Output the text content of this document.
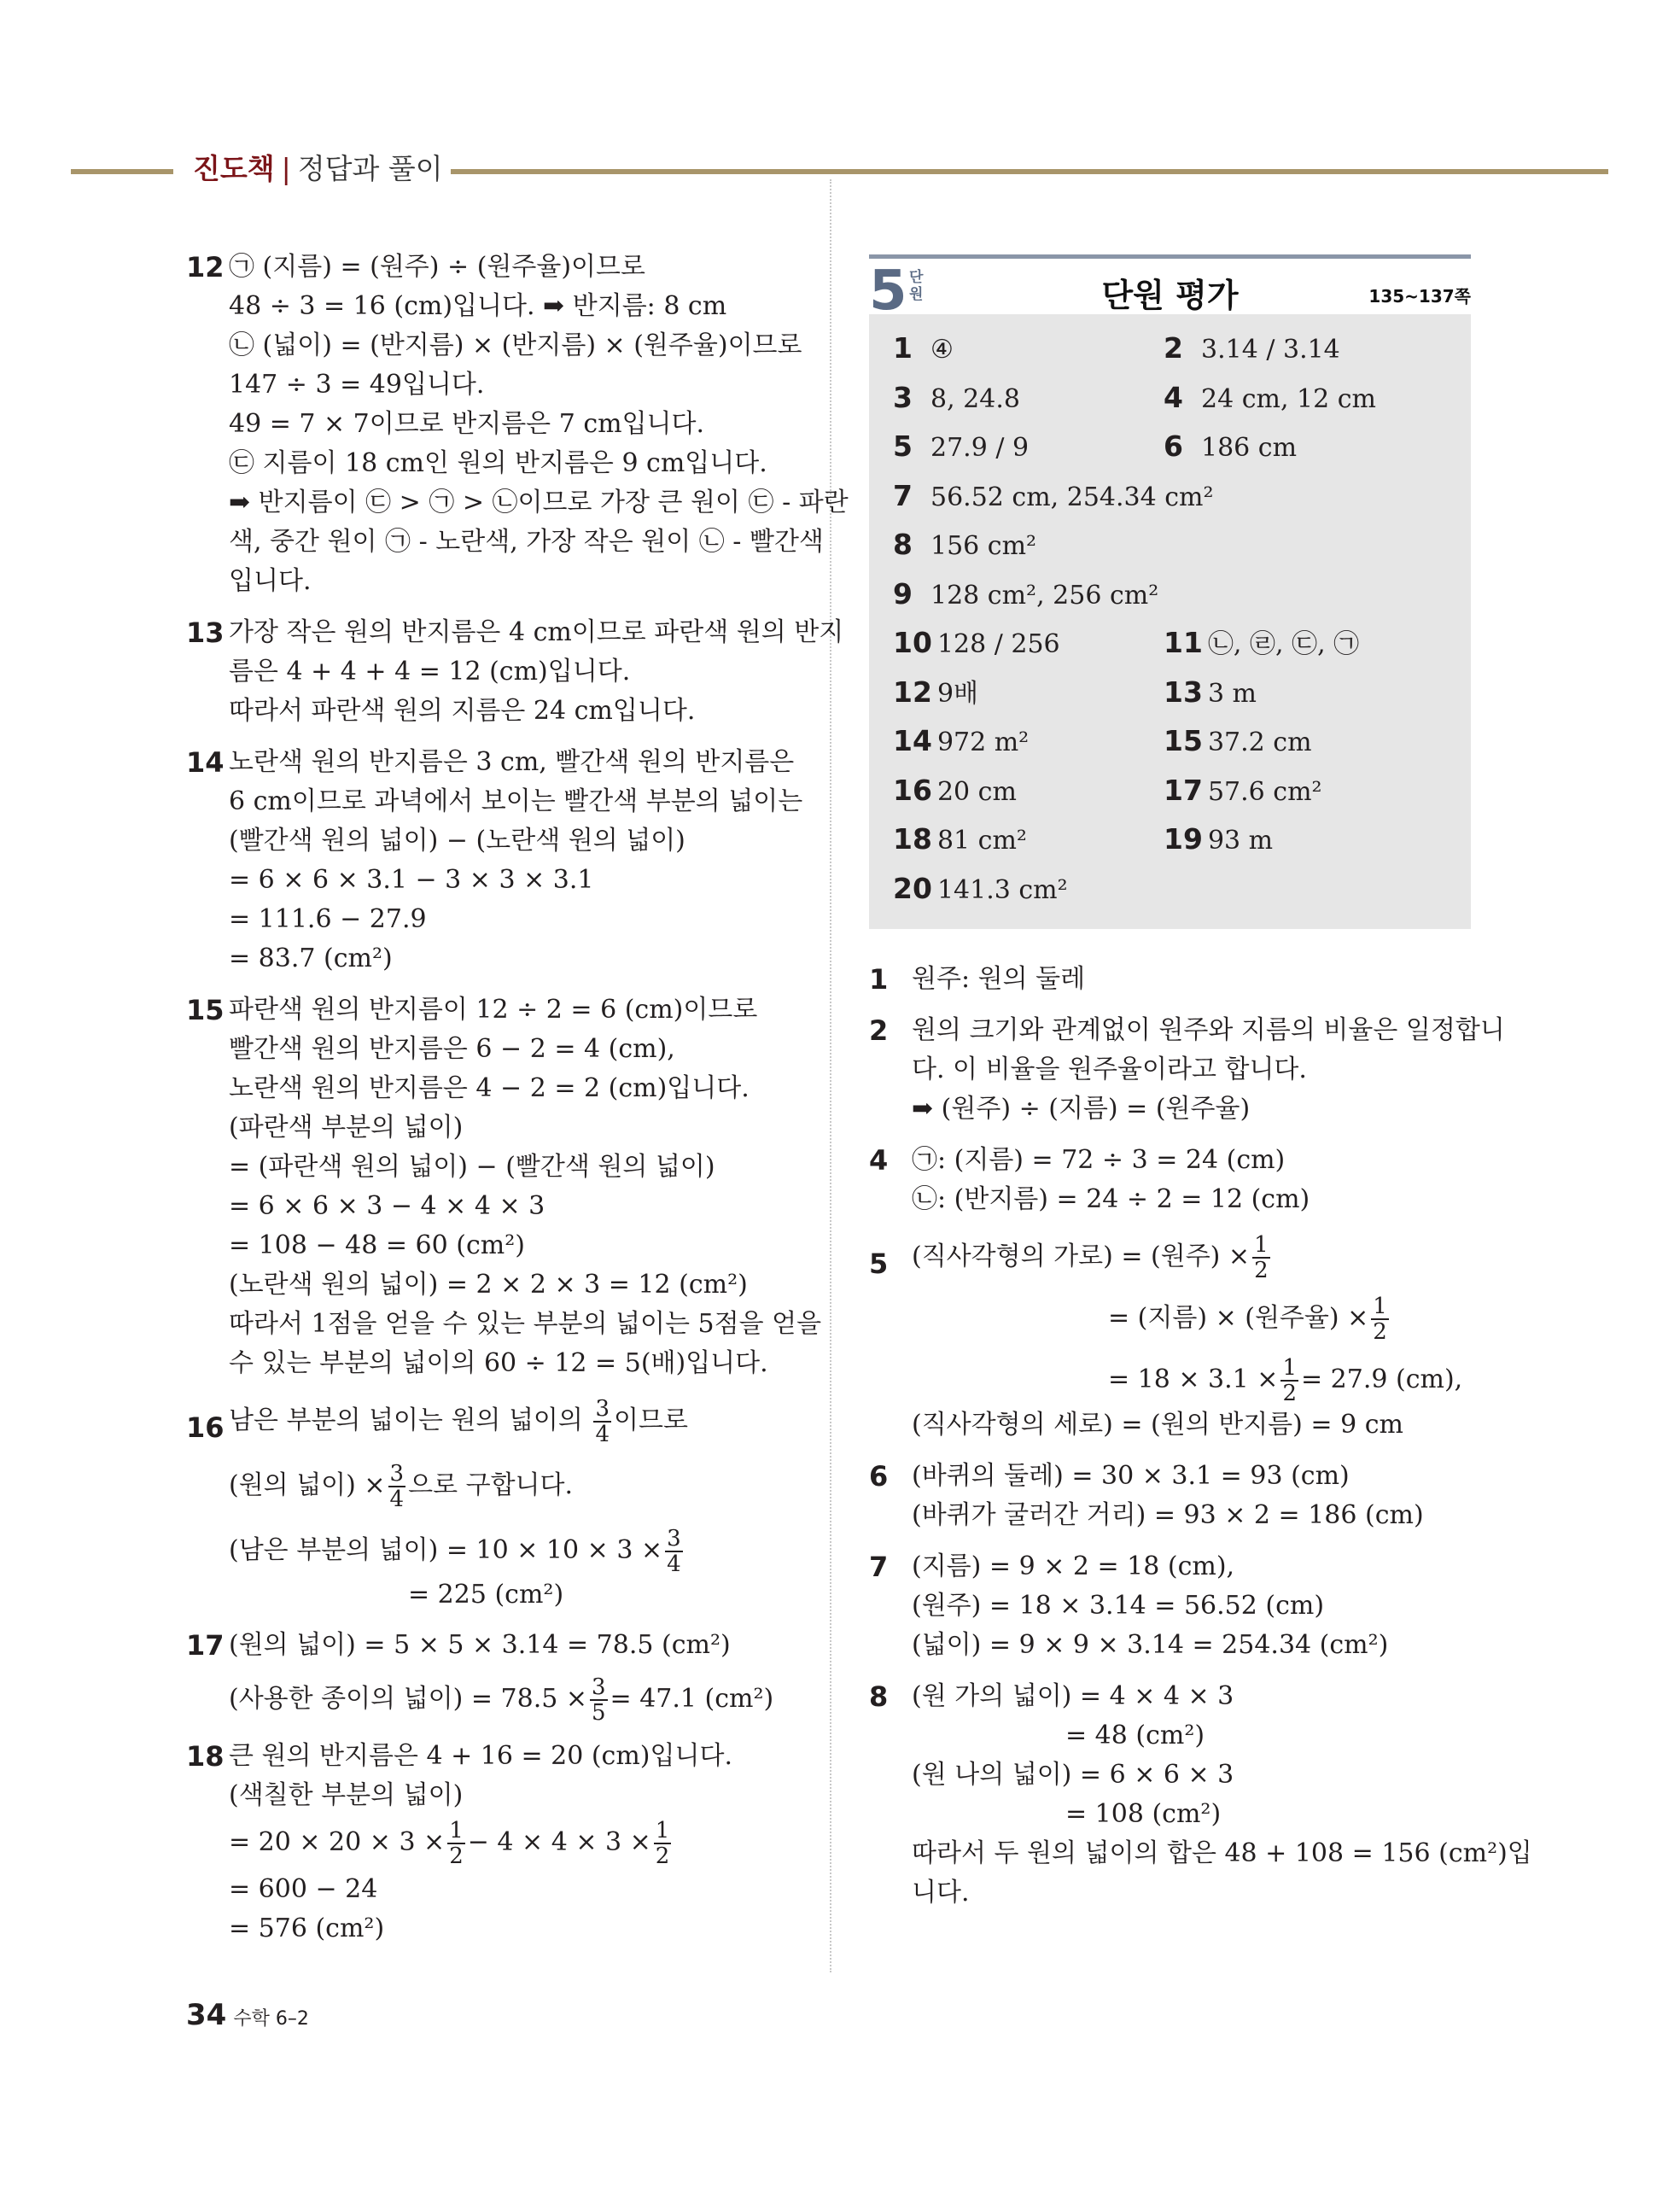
진도책 | 정답과 풀이
12 ㉠ (지름) = (원주) ÷ (원주율)이므로
48 ÷ 3 = 16 (cm)입니다. ➡ 반지름: 8 cm
㉡ (넓이) = (반지름) × (반지름) × (원주율)이므로
147 ÷ 3 = 49입니다.
49 = 7 × 7이므로 반지름은 7 cm입니다.
㉢ 지름이 18 cm인 원의 반지름은 9 cm입니다.
➡ 반지름이 ㉢ > ㉠ > ㉡이므로 가장 큰 원이 ㉢ - 파란
색, 중간 원이 ㉠ - 노란색, 가장 작은 원이 ㉡ - 빨간색
입니다.
13 가장 작은 원의 반지름은 4 cm이므로 파란색 원의 반지
름은 4 + 4 + 4 = 12 (cm)입니다.
따라서 파란색 원의 지름은 24 cm입니다.
14 노란색 원의 반지름은 3 cm, 빨간색 원의 반지름은
6 cm이므로 과녁에서 보이는 빨간색 부분의 넓이는
(빨간색 원의 넓이) − (노란색 원의 넓이)
= 6 × 6 × 3.1 − 3 × 3 × 3.1
= 111.6 − 27.9
= 83.7 (cm²)
15 파란색 원의 반지름이 12 ÷ 2 = 6 (cm)이므로
빨간색 원의 반지름은 6 − 2 = 4 (cm),
노란색 원의 반지름은 4 − 2 = 2 (cm)입니다.
(파란색 부분의 넓이)
= (파란색 원의 넓이) − (빨간색 원의 넓이)
= 6 × 6 × 3 − 4 × 4 × 3
= 108 − 48 = 60 (cm²)
(노란색 원의 넓이) = 2 × 2 × 3 = 12 (cm²)
따라서 1점을 얻을 수 있는 부분의 넓이는 5점을 얻을
수 있는 부분의 넓이의 60 ÷ 12 = 5(배)입니다.
16 남은 부분의 넓이는 원의 넓이의 $\frac{3}{4}$ 이므로
(원의 넓이) × $\frac{3}{4}$ 으로 구합니다.
(남은 부분의 넓이) = $10 \times 10 \times 3 \times \frac{3}{4}$
= 225 (cm²)
17 (원의 넓이) = 5 × 5 × 3.14 = 78.5 (cm²)
(사용한 종이의 넓이) = $78.5 \times \frac{3}{5} = 47.1$ (cm²)
18 큰 원의 반지름은 4 + 16 = 20 (cm)입니다.
(색칠한 부분의 넓이)
= $20 \times 20 \times 3 \times \frac{1}{2} - 4 \times 4 \times 3 \times \frac{1}{2}$
= 600 − 24
= 576 (cm²)
5 단
원	단원 평가	135~137쪽
1 ④	2 3.14 / 3.14
3 8, 24.8	4 24 cm, 12 cm
5 27.9 / 9	6 186 cm
7 56.52 cm, 254.34 cm²
8 156 cm²
9 128 cm², 256 cm²
10 128 / 256	11 ㉡, ㉣, ㉢, ㉠
12 9배	13 3 m
14 972 m²	15 37.2 cm
16 20 cm	17 57.6 cm²
18 81 cm²	19 93 m
20 141.3 cm²
1 원주: 원의 둘레
2 원의 크기와 관계없이 원주와 지름의 비율은 일정합니
다. 이 비율을 원주율이라고 합니다.
➡ (원주) ÷ (지름) = (원주율)
4 ㉠: (지름) = 72 ÷ 3 = 24 (cm)
㉡: (반지름) = 24 ÷ 2 = 12 (cm)
5 (직사각형의 가로) = (원주) × $\frac{1}{2}$
= (지름) × (원주율) × $\frac{1}{2}$
= $18 \times 3.1 \times \frac{1}{2} = 27.9$ (cm),
(직사각형의 세로) = (원의 반지름) = 9 cm
6 (바퀴의 둘레) = 30 × 3.1 = 93 (cm)
(바퀴가 굴러간 거리) = 93 × 2 = 186 (cm)
7 (지름) = 9 × 2 = 18 (cm),
(원주) = 18 × 3.14 = 56.52 (cm)
(넓이) = 9 × 9 × 3.14 = 254.34 (cm²)
8 (원 가의 넓이) = 4 × 4 × 3
= 48 (cm²)
(원 나의 넓이) = 6 × 6 × 3
= 108 (cm²)
따라서 두 원의 넓이의 합은 48 + 108 = 156 (cm²)입
니다.
34 수학 6–2
